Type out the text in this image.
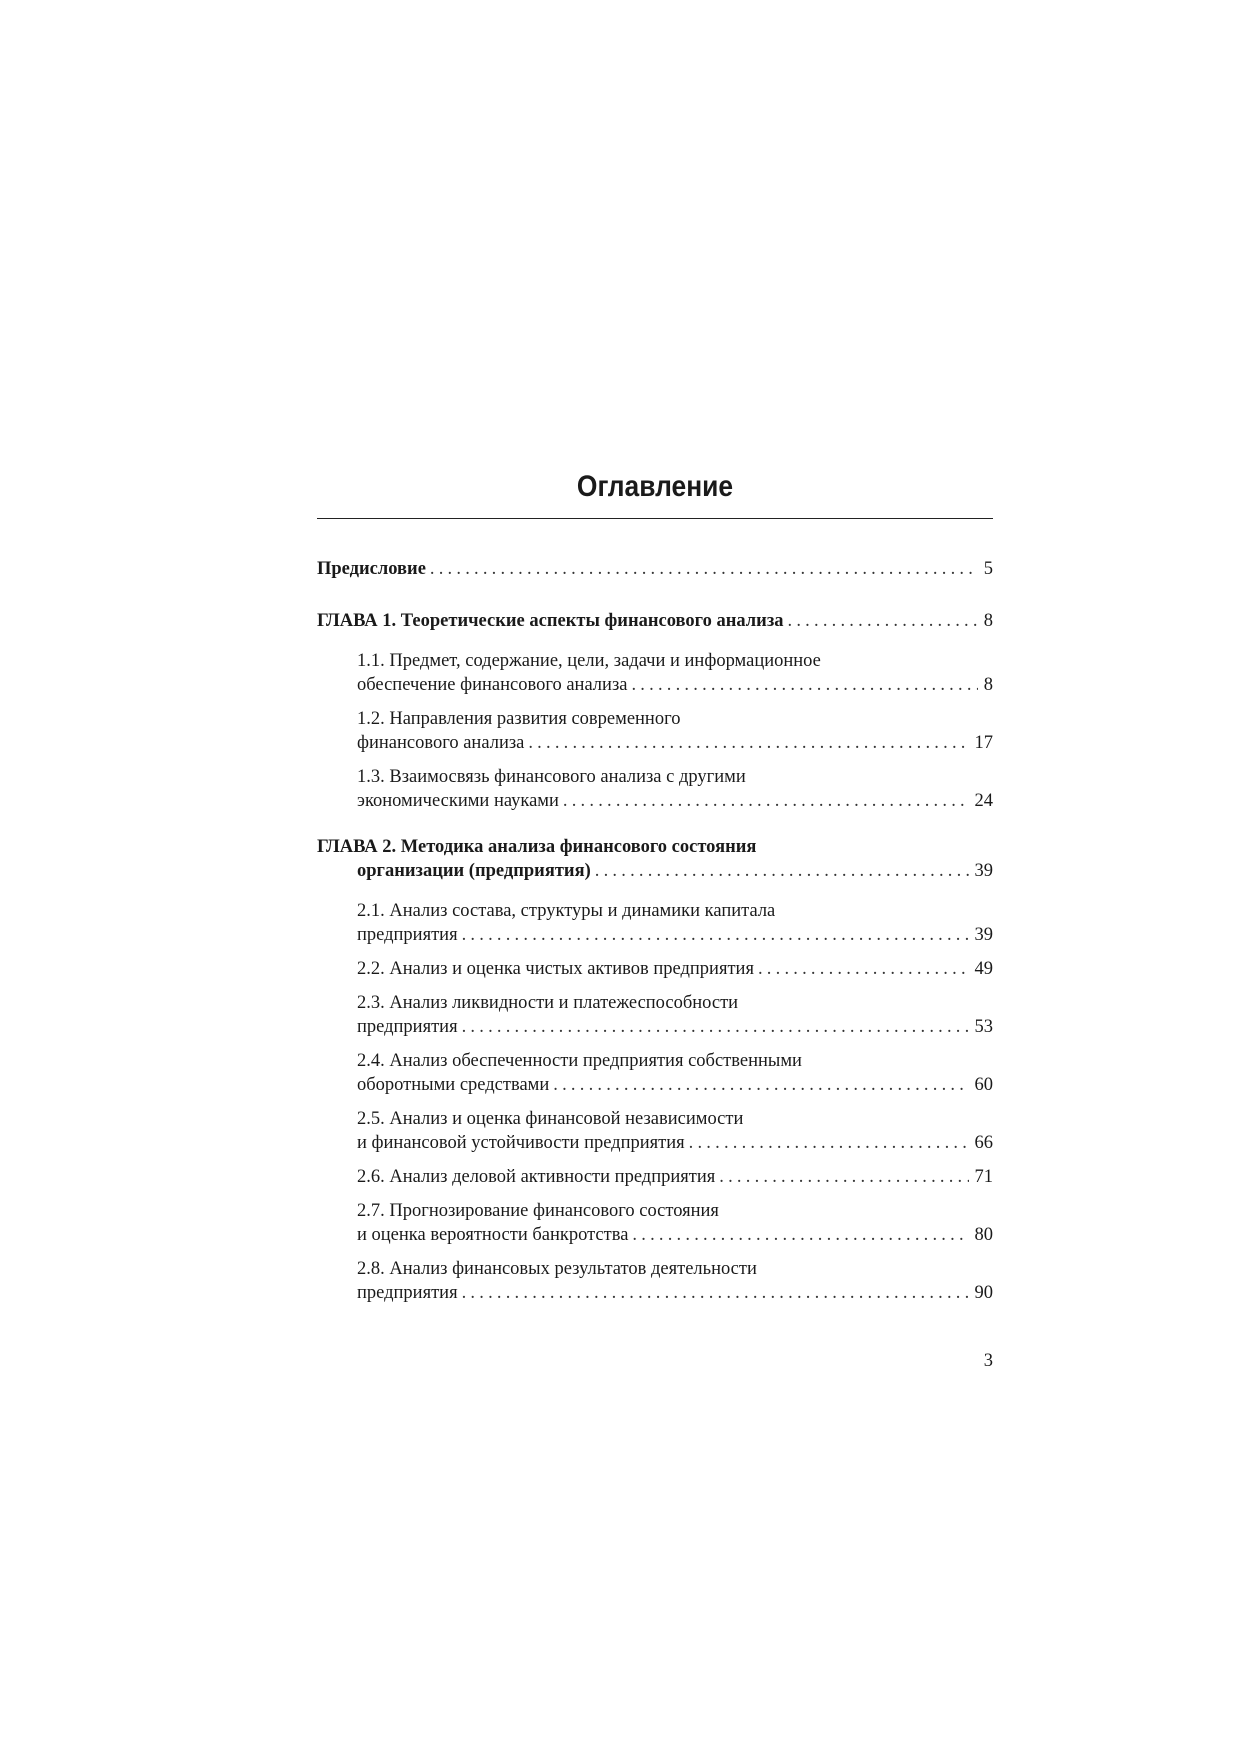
Оглавление
Предисловие .....	5
ГЛАВА 1. Теоретические аспекты финансового анализа .....	8
1.1. Предмет, содержание, цели, задачи и информационное
обеспечение финансового анализа .....	8
1.2. Направления развития современного
финансового анализа .....	17
1.3. Взаимосвязь финансового анализа с другими
экономическими науками .....	24
ГЛАВА 2. Методика анализа финансового состояния
организации (предприятия) .....	39
2.1. Анализ состава, структуры и динамики капитала
предприятия .....	39
2.2. Анализ и оценка чистых активов предприятия .....	49
2.3. Анализ ликвидности и платежеспособности
предприятия .....	53
2.4. Анализ обеспеченности предприятия собственными
оборотными средствами .....	60
2.5. Анализ и оценка финансовой независимости
и финансовой устойчивости предприятия .....	66
2.6. Анализ деловой активности предприятия .....	71
2.7. Прогнозирование финансового состояния
и оценка вероятности банкротства .....	80
2.8. Анализ финансовых результатов деятельности
предприятия .....	90
3
